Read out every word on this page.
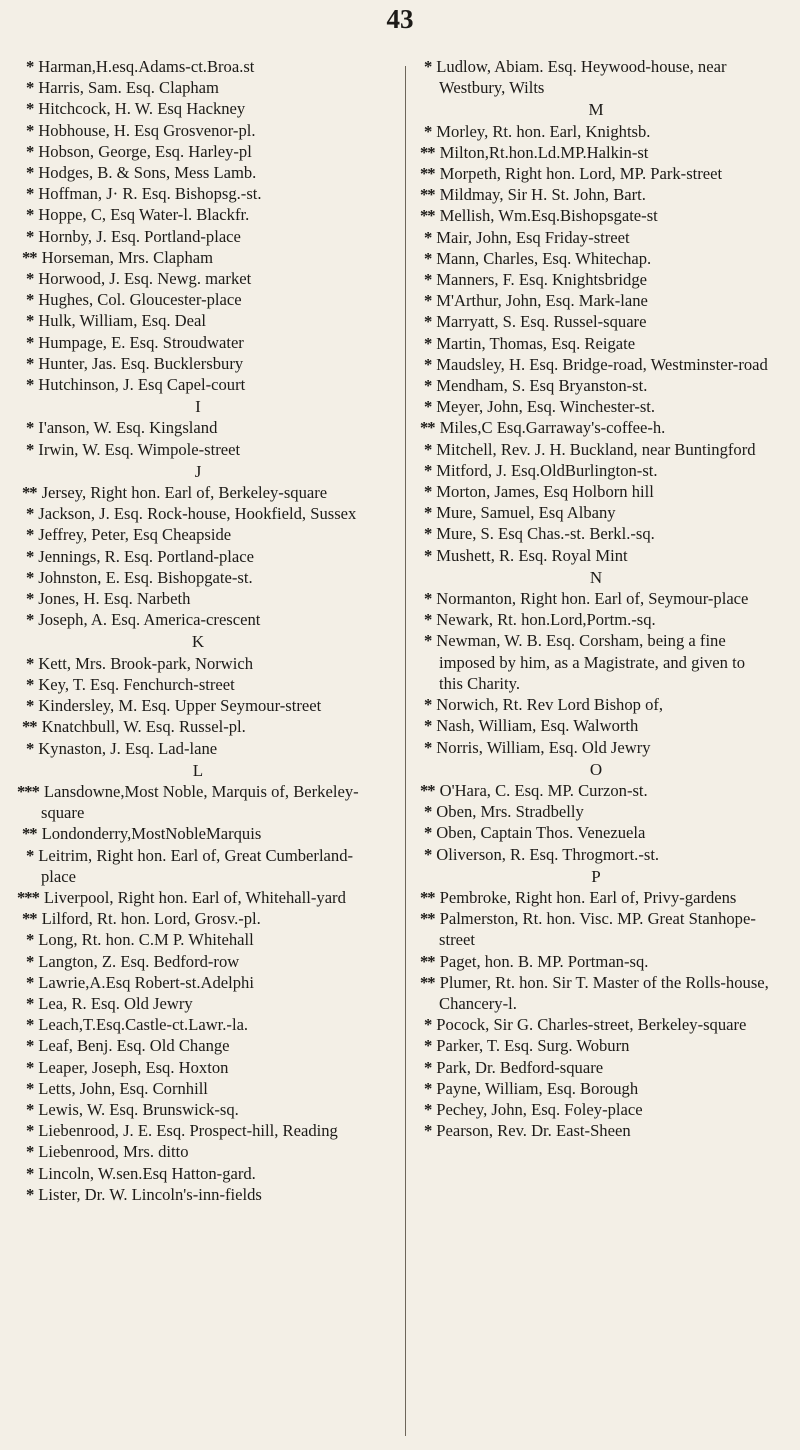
43
* Harman,H.esq.Adams-ct.Broa.st
* Harris, Sam. Esq. Clapham
* Hitchcock, H. W. Esq Hackney
* Hobhouse, H. Esq Grosvenor-pl.
* Hobson, George, Esq. Harley-pl
* Hodges, B. & Sons, Mess Lamb.
* Hoffman, J· R. Esq. Bishopsg.-st.
* Hoppe, C, Esq Water-l. Blackfr.
* Hornby, J. Esq. Portland-place
** Horseman, Mrs. Clapham
* Horwood, J. Esq. Newg. market
* Hughes, Col. Gloucester-place
* Hulk, William, Esq. Deal
* Humpage, E. Esq. Stroudwater
* Hunter, Jas. Esq. Bucklersbury
* Hutchinson, J. Esq Capel-court
I
* I'anson, W. Esq. Kingsland
* Irwin, W. Esq. Wimpole-street
J
** Jersey, Right hon. Earl of, Berkeley-square
* Jackson, J. Esq. Rock-house, Hookfield, Sussex
* Jeffrey, Peter, Esq Cheapside
* Jennings, R. Esq. Portland-place
* Johnston, E. Esq. Bishopgate-st.
* Jones, H. Esq. Narbeth
* Joseph, A. Esq. America-crescent
K
* Kett, Mrs. Brook-park, Norwich
* Key, T. Esq. Fenchurch-street
* Kindersley, M. Esq. Upper Seymour-street
** Knatchbull, W. Esq. Russel-pl.
* Kynaston, J. Esq. Lad-lane
L
*** Lansdowne,Most Noble, Marquis of, Berkeley-square
** Londonderry,MostNobleMarquis
* Leitrim, Right hon. Earl of, Great Cumberland-place
*** Liverpool, Right hon. Earl of, Whitehall-yard
** Lilford, Rt. hon. Lord, Grosv.-pl.
* Long, Rt. hon. C.M P. Whitehall
* Langton, Z. Esq. Bedford-row
* Lawrie,A.Esq Robert-st.Adelphi
* Lea, R. Esq. Old Jewry
* Leach,T.Esq.Castle-ct.Lawr.-la.
* Leaf, Benj. Esq. Old Change
* Leaper, Joseph, Esq. Hoxton
* Letts, John, Esq. Cornhill
* Lewis, W. Esq. Brunswick-sq.
* Liebenrood, J. E. Esq. Prospect-hill, Reading
* Liebenrood, Mrs. ditto
* Lincoln, W.sen.Esq Hatton-gard.
* Lister, Dr. W. Lincoln's-inn-fields
* Ludlow, Abiam. Esq. Heywood-house, near Westbury, Wilts
M
* Morley, Rt. hon. Earl, Knightsb.
** Milton,Rt.hon.Ld.MP.Halkin-st
** Morpeth, Right hon. Lord, MP. Park-street
** Mildmay, Sir H. St. John, Bart.
** Mellish, Wm.Esq.Bishopsgate-st
* Mair, John, Esq Friday-street
* Mann, Charles, Esq. Whitechap.
* Manners, F. Esq. Knightsbridge
* M'Arthur, John, Esq. Mark-lane
* Marryatt, S. Esq. Russel-square
* Martin, Thomas, Esq. Reigate
* Maudsley, H. Esq. Bridge-road, Westminster-road
* Mendham, S. Esq Bryanston-st.
* Meyer, John, Esq. Winchester-st.
** Miles,C Esq.Garraway's-coffee-h.
* Mitchell, Rev. J. H. Buckland, near Buntingford
* Mitford, J. Esq.OldBurlington-st.
* Morton, James, Esq Holborn hill
* Mure, Samuel, Esq Albany
* Mure, S. Esq Chas.-st. Berkl.-sq.
* Mushett, R. Esq. Royal Mint
N
* Normanton, Right hon. Earl of, Seymour-place
* Newark, Rt. hon.Lord,Portm.-sq.
* Newman, W. B. Esq. Corsham, being a fine imposed by him, as a Magistrate, and given to this Charity.
* Norwich, Rt. Rev Lord Bishop of,
* Nash, William, Esq. Walworth
* Norris, William, Esq. Old Jewry
O
** O'Hara, C. Esq. MP. Curzon-st.
* Oben, Mrs. Stradbelly
* Oben, Captain Thos. Venezuela
* Oliverson, R. Esq. Throgmort.-st.
P
** Pembroke, Right hon. Earl of, Privy-gardens
** Palmerston, Rt. hon. Visc. MP. Great Stanhope-street
** Paget, hon. B. MP. Portman-sq.
** Plumer, Rt. hon. Sir T. Master of the Rolls-house, Chancery-l.
* Pocock, Sir G. Charles-street, Berkeley-square
* Parker, T. Esq. Surg. Woburn
* Park, Dr. Bedford-square
* Payne, William, Esq. Borough
* Pechey, John, Esq. Foley-place
* Pearson, Rev. Dr. East-Sheen
